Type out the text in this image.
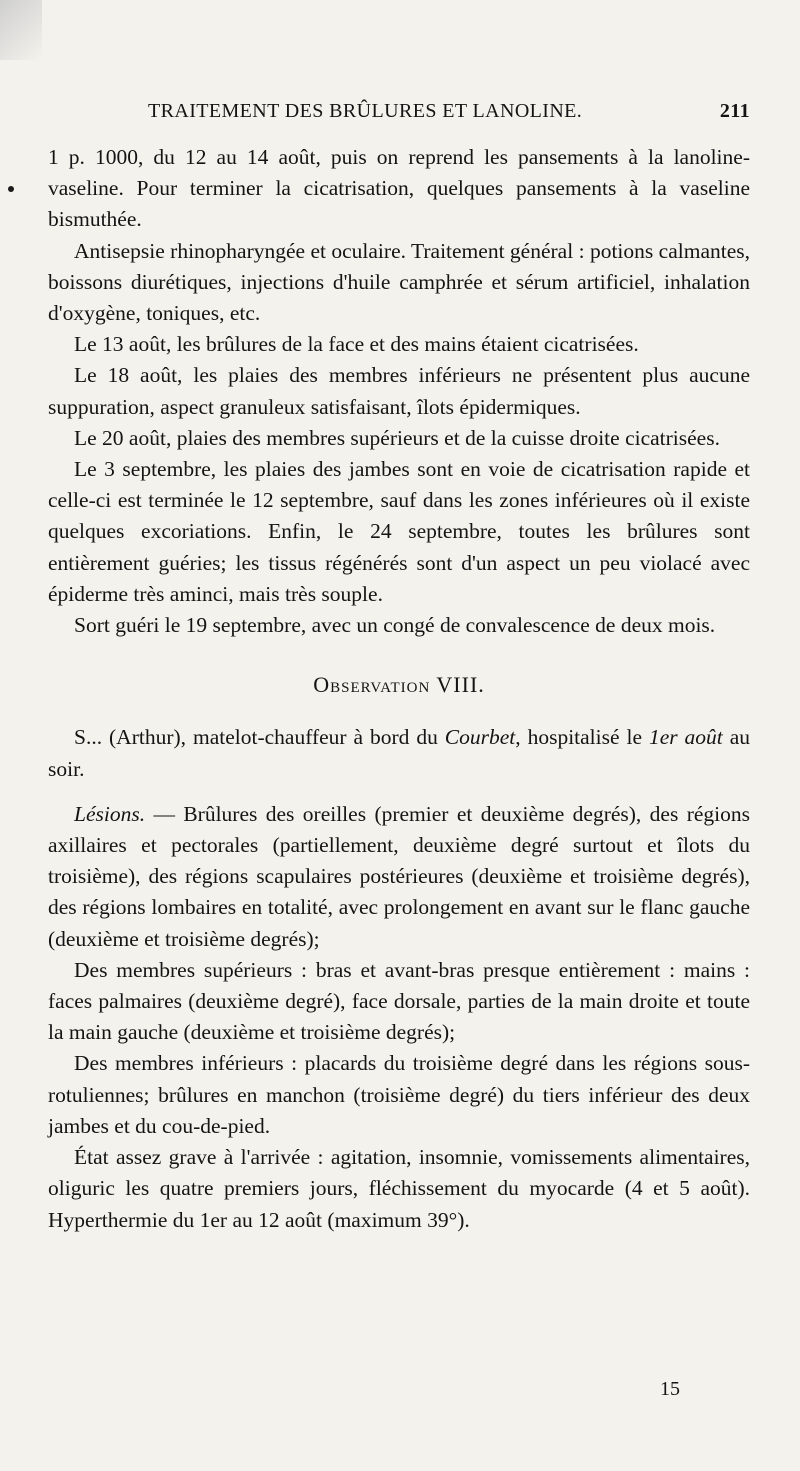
TRAITEMENT DES BRÛLURES ET LANOLINE.	211

1 p. 1000, du 12 au 14 août, puis on reprend les pansements à la lanoline-vaseline. Pour terminer la cicatrisation, quelques pansements à la vaseline bismuthée.

Antisepsie rhinopharyngée et oculaire. Traitement général : potions calmantes, boissons diurétiques, injections d'huile camphrée et sérum artificiel, inhalation d'oxygène, toniques, etc.

Le 13 août, les brûlures de la face et des mains étaient cicatrisées.

Le 18 août, les plaies des membres inférieurs ne présentent plus aucune suppuration, aspect granuleux satisfaisant, îlots épidermiques.

Le 20 août, plaies des membres supérieurs et de la cuisse droite cicatrisées.

Le 3 septembre, les plaies des jambes sont en voie de cicatrisation rapide et celle-ci est terminée le 12 septembre, sauf dans les zones inférieures où il existe quelques excoriations. Enfin, le 24 septembre, toutes les brûlures sont entièrement guéries; les tissus régénérés sont d'un aspect un peu violacé avec épiderme très aminci, mais très souple.

Sort guéri le 19 septembre, avec un congé de convalescence de deux mois.

Observation VIII.

S... (Arthur), matelot-chauffeur à bord du Courbet, hospitalisé le 1er août au soir.

Lésions. — Brûlures des oreilles (premier et deuxième degrés), des régions axillaires et pectorales (partiellement, deuxième degré surtout et îlots du troisième), des régions scapulaires postérieures (deuxième et troisième degrés), des régions lombaires en totalité, avec prolongement en avant sur le flanc gauche (deuxième et troisième degrés);

Des membres supérieurs : bras et avant-bras presque entièrement : mains : faces palmaires (deuxième degré), face dorsale, parties de la main droite et toute la main gauche (deuxième et troisième degrés);

Des membres inférieurs : placards du troisième degré dans les régions sous-rotuliennes; brûlures en manchon (troisième degré) du tiers inférieur des deux jambes et du cou-de-pied.

État assez grave à l'arrivée : agitation, insomnie, vomissements alimentaires, oliguric les quatre premiers jours, fléchissement du myocarde (4 et 5 août). Hyperthermie du 1er au 12 août (maximum 39°).

15
